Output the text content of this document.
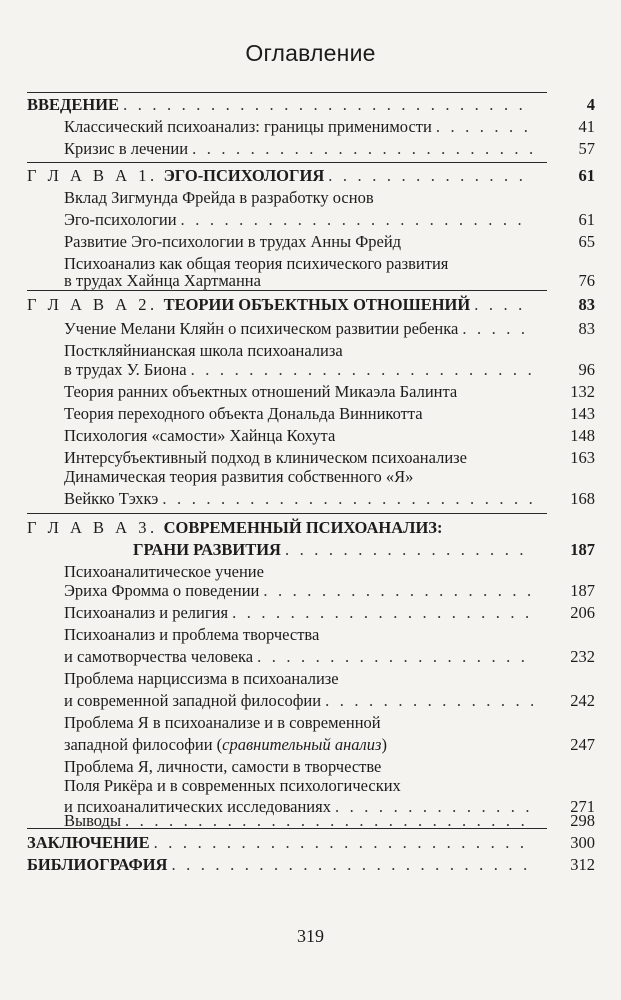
Оглавление
ВВЕДЕНИЕ . . .	4
Классический психоанализ: границы применимости . . .	41
Кризис в лечении . . .	57
Г Л А В А 1. ЭГО-ПСИХОЛОГИЯ . . .	61
Вклад Зигмунда Фрейда в разработку основ
Эго-психологии . . .	61
Развитие Эго-психологии в трудах Анны Фрейд	65
Психоанализ как общая теория психического развития
в трудах Хайнца Хартманна	76
Г Л А В А 2. ТЕОРИИ ОБЪЕКТНЫХ ОТНОШЕНИЙ . . .	83
Учение Мелани Кляйн о психическом развитии ребенка . . .	83
Посткляйнианская школа психоанализа
в трудах У. Биона . . .	96
Теория ранних объектных отношений Микаэла Балинта	132
Теория переходного объекта Дональда Винникотта	143
Психология «самости» Хайнца Кохута	148
Интерсубъективный подход в клиническом психоанализе	163
Динамическая теория развития собственного «Я»
Вейкко Тэхкэ . . .	168
Г Л А В А 3. СОВРЕМЕННЫЙ ПСИХОАНАЛИЗ:
ГРАНИ РАЗВИТИЯ . . .	187
Психоаналитическое учение
Эриха Фромма о поведении . . .	187
Психоанализ и религия . . .	206
Психоанализ и проблема творчества
и самотворчества человека . . .	232
Проблема нарциссизма в психоанализе
и современной западной философии . . .	242
Проблема Я в психоанализе и в современной
западной философии ( сравнительный анализ )	247
Проблема Я, личности, самости в творчестве
Поля Рикёра и в современных психологических
и психоаналитических исследованиях . . .	271
Выводы . . .	298
ЗАКЛЮЧЕНИЕ . . .	300
БИБЛИОГРАФИЯ . . .	312
319
